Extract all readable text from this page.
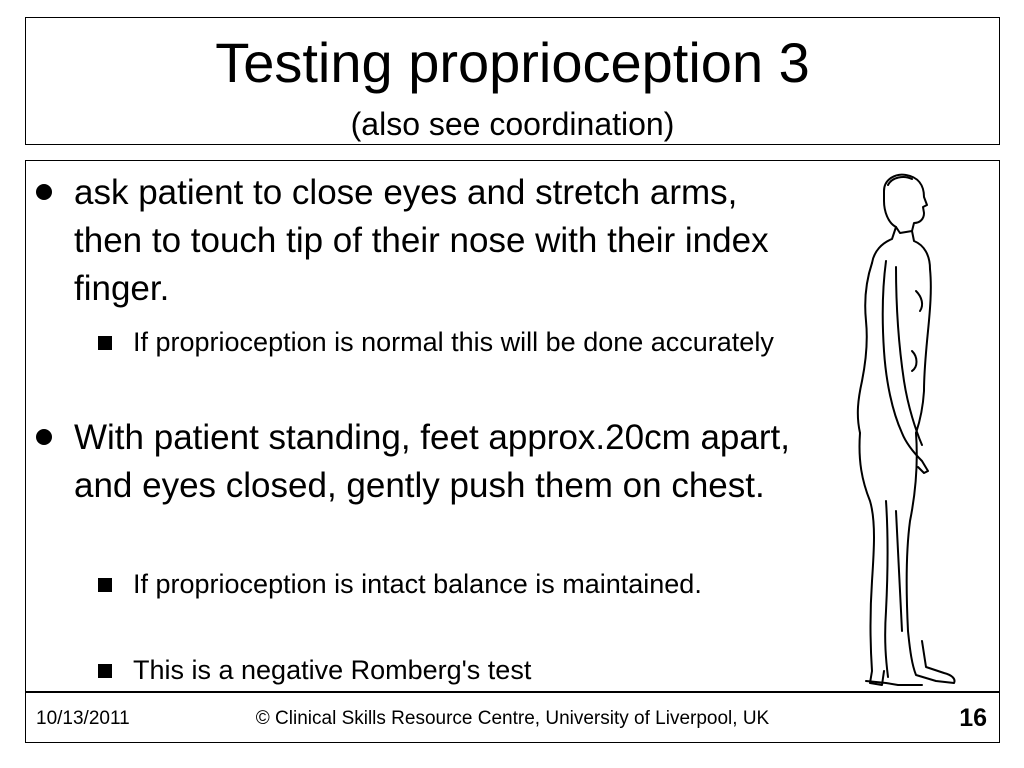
Testing proprioception 3
(also see coordination)
ask patient to close eyes and stretch arms, then to touch tip of their nose with their index finger.
If proprioception is normal this will be done accurately
With patient standing, feet approx.20cm apart, and eyes closed, gently push them on chest.
If proprioception is intact balance is maintained.
This is a negative Romberg's test
10/13/2011	© Clinical Skills Resource Centre, University of Liverpool, UK	16
